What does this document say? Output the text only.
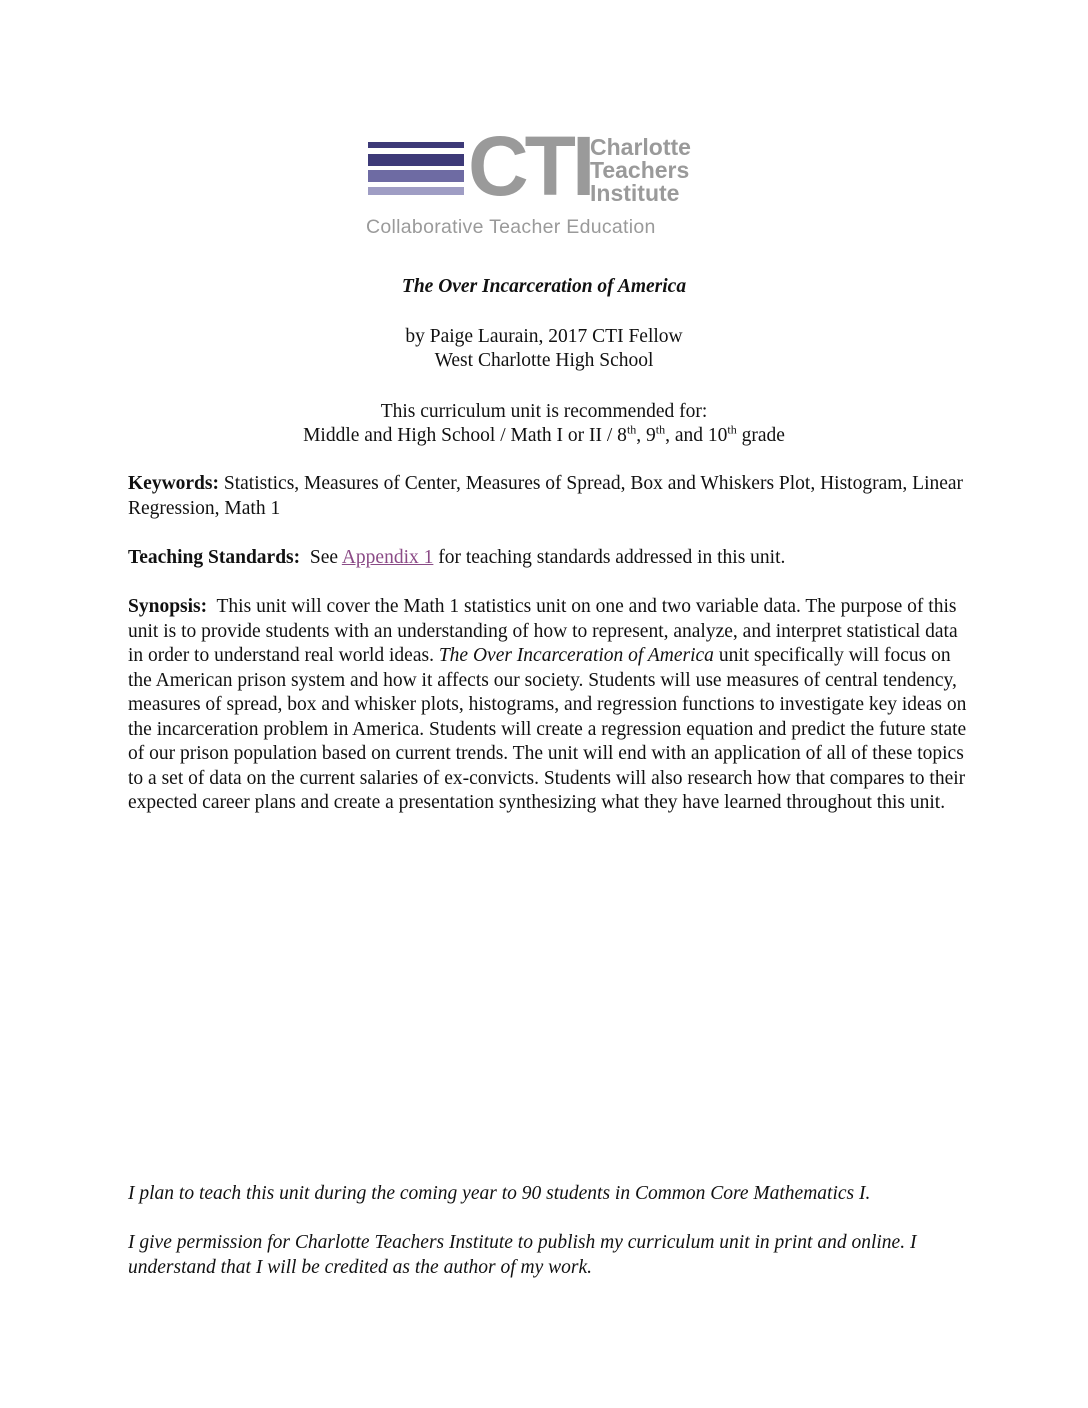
CTI
Charlotte
Teachers
Institute
Collaborative Teacher Education
The Over Incarceration of America
by Paige Laurain, 2017 CTI Fellow
West Charlotte High School
This curriculum unit is recommended for:
Middle and High School / Math I or II / 8th, 9th, and 10th grade
Keywords: Statistics, Measures of Center, Measures of Spread, Box and Whiskers Plot, Histogram, Linear Regression, Math 1
Teaching Standards:  See Appendix 1 for teaching standards addressed in this unit.
Synopsis:  This unit will cover the Math 1 statistics unit on one and two variable data. The purpose of this unit is to provide students with an understanding of how to represent, analyze, and interpret statistical data in order to understand real world ideas. The Over Incarceration of America unit specifically will focus on the American prison system and how it affects our society. Students will use measures of central tendency, measures of spread, box and whisker plots, histograms, and regression functions to investigate key ideas on the incarceration problem in America. Students will create a regression equation and predict the future state of our prison population based on current trends. The unit will end with an application of all of these topics to a set of data on the current salaries of ex-convicts. Students will also research how that compares to their expected career plans and create a presentation synthesizing what they have learned throughout this unit.
I plan to teach this unit during the coming year to 90 students in Common Core Mathematics I.
I give permission for Charlotte Teachers Institute to publish my curriculum unit in print and online. I understand that I will be credited as the author of my work.
